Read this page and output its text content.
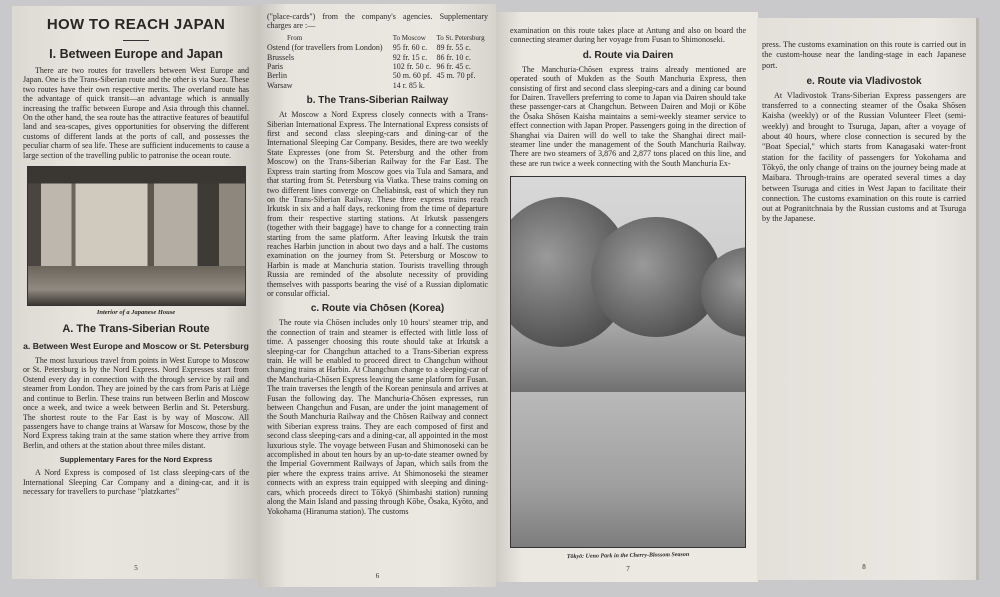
HOW TO REACH JAPAN
I. Between Europe and Japan

There are two routes for travellers between West Europe and Japan. One is the Trans-Siberian route and the other is via Suez. These two routes have their own respective merits. The overland route has the advantage of quick transit—an advantage which is annually increasing the traffic between Europe and Asia through this channel. On the other hand, the sea route has the attractive features of beautiful land and sea-scapes, gives opportunities for observing the different customs of different lands at the ports of call, and possesses the peculiar charm of sea life. These are sufficient inducements to cause a large section of the travelling public to patronise the ocean route.

Interior of a Japanese House
A. The Trans-Siberian Route
a. Between West Europe and Moscow or St. Petersburg

The most luxurious travel from points in West Europe to Moscow or St. Petersburg is by the Nord Express. Nord Expresses start from Ostend every day in connection with the through service by rail and steamer from London. They are joined by the cars from Paris at Liège and continue to Berlin. These trains run between Berlin and Moscow once a week, and twice a week between Berlin and St. Petersburg. The shortest route to the Far East is by way of Moscow. All passengers have to change trains at Warsaw for Moscow, those by the Nord Express taking train at the same station where they arrive from Berlin, and others at the station about three miles distant.

Supplementary Fares for the Nord Express

A Nord Express is composed of 1st class sleeping-cars of the International Sleeping Car Company and a dining-car, and it is necessary for travellers to purchase "platzkartes"

5
("place-cards") from the company's agencies. Supplementary charges are :—
From	To Moscow	To St. Petersburg
Ostend (for travellers from London)	95 fr. 60 c.	89 fr. 55 c.
Brussels	92 fr. 15 c.	86 fr. 10 c.
Paris	102 fr. 50 c.	96 fr. 45 c.
Berlin	50 m. 60 pf.	45 m. 70 pf.
Warsaw	14 r. 85 k.	
b. The Trans-Siberian Railway

At Moscow a Nord Express closely connects with a Trans-Siberian International Express. The International Express consists of first and second class sleeping-cars and dining-car of the International Sleeping Car Company. Besides, there are two weekly State Expresses (one from St. Petersburg and the other from Moscow) on the Trans-Siberian Railway for the Far East. The Express train starting from Moscow goes via Tula and Samara, and that starting from St. Petersburg via Viatka. These trains coming on two different lines converge on Cheliabinsk, east of which they run on the Trans-Siberian Railway. These three express trains reach Irkutsk in six and a half days, reckoning from the time of departure from their respective starting stations. At Irkutsk passengers (together with their baggage) have to change for a connecting train starting from the same platform. After leaving Irkutsk the train reaches Harbin junction in about two days and a half. The customs examination on the journey from St. Petersburg or Moscow to Harbin is made at Manchuria station. Tourists travelling through Russia are reminded of the absolute necessity of providing themselves with passports bearing the visé of a Russian diplomatic or consular official.

c. Route via Chōsen (Korea)

The route via Chōsen includes only 10 hours' steamer trip, and the connection of train and steamer is effected with little loss of time. A passenger choosing this route should take at Irkutsk a sleeping-car for Changchun attached to a Trans-Siberian express train. He will be enabled to proceed direct to Changchun without changing trains at Harbin. At Changchun change to a sleeping-car of the Manchuria-Chōsen Express leaving the same platform for Fusan. The train traverses the length of the Korean peninsula and arrives at Fusan the following day. The Manchuria-Chōsen expresses, run between Changchun and Fusan, are under the joint management of the South Manchuria Railway and the Chōsen Railway and connect with Siberian express trains. They are each composed of first and second class sleeping-cars and a dining-car, all appointed in the most luxurious style. The voyage between Fusan and Shimonoseki can be accomplished in about ten hours by an up-to-date steamer owned by the Imperial Government Railways of Japan, which sails from the pier where the express trains arrive. At Shimonoseki the steamer connects with an express train equipped with sleeping and dining-cars, which proceeds direct to Tōkyō (Shimbashi station) running along the Main Island and passing through Kōbe, Ōsaka, Kyōto, and Yokohama (Hiranuma station). The customs

6
examination on this route takes place at Antung and also on board the connecting steamer during her voyage from Fusan to Shimonoseki.
d. Route via Dairen

The Manchuria-Chōsen express trains already mentioned are operated south of Mukden as the South Manchuria Express, then consisting of first and second class sleeping-cars and a dining car bound for Dairen. Travellers preferring to come to Japan via Dairen should take these passenger-cars at Changchun. Between Dairen and Moji or Kōbe the Ōsaka Shōsen Kaisha maintains a semi-weekly steamer service to effect connection with Japan Proper. Passengers going in the direction of Shanghai via Dairen will do well to take the Shanghai direct mail-steamer line under the management of the South Manchuria Railway. There are two steamers of 3,876 and 2,877 tons placed on this line, and these are run twice a week connecting with the South Manchuria Ex-

Tōkyō: Ueno Park in the Cherry-Blossom Season
7
press. The customs examination on this route is carried out in the custom-house near the landing-stage in each Japanese port.
e. Route via Vladivostok

At Vladivostok Trans-Siberian Express passengers are transferred to a connecting steamer of the Ōsaka Shōsen Kaisha (weekly) or of the Russian Volunteer Fleet (semi-weekly) and brought to Tsuruga, Japan, after a voyage of about 40 hours, where close connection is secured by the "Boat Special," which starts from Kanagasaki water-front station for the facility of passengers for Yokohama and Tōkyō, the only change of trains on the journey being made at Maibara. Through-trains are operated several times a day between Tsuruga and cities in West Japan to facilitate their connection. The customs examination on this route is carried out at Pogranitchnaia by the Russian customs and at Tsuruga by the Japanese.

8
